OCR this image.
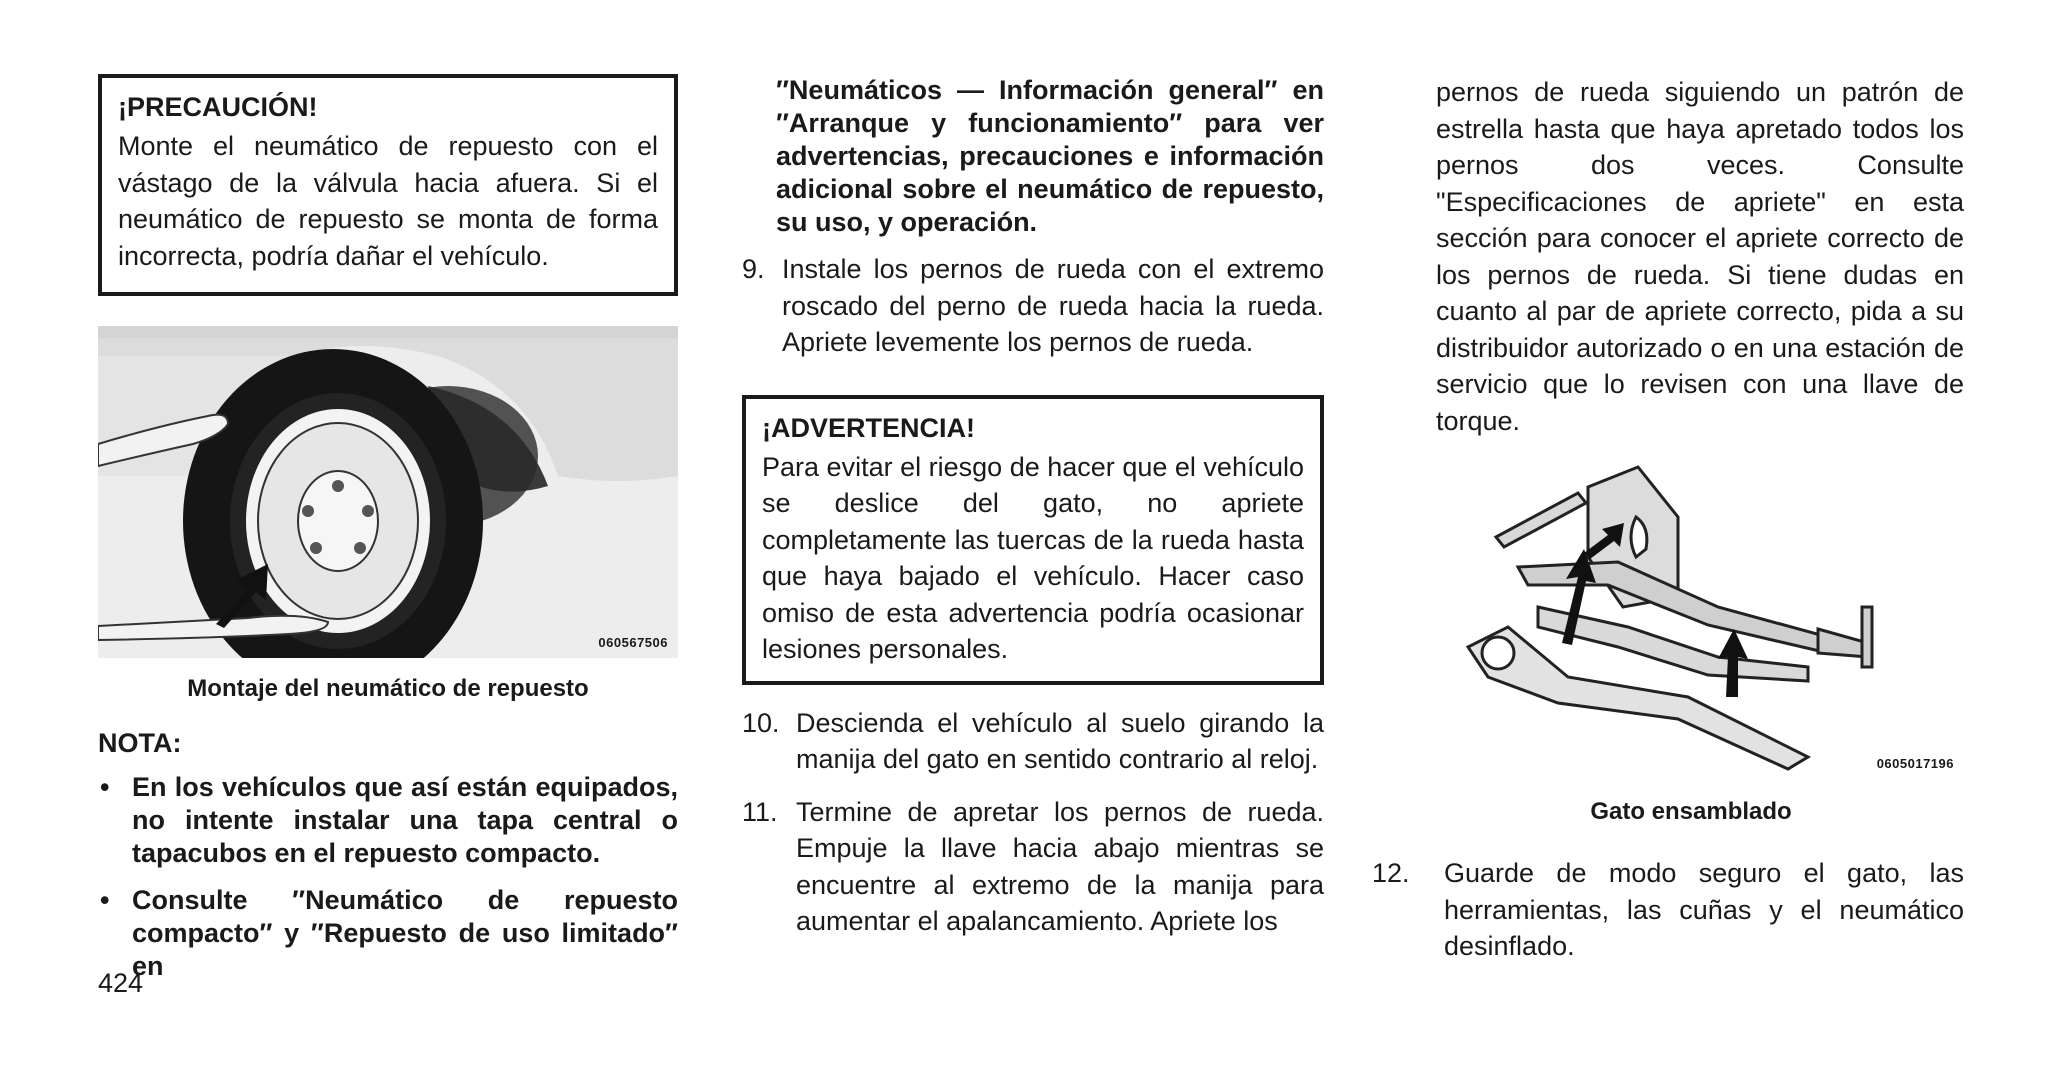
¡PRECAUCIÓN!
Monte el neumático de repuesto con el vástago de la válvula hacia afuera. Si el neumático de repuesto se monta de forma incorrecta, podría dañar el vehículo.
060567506
Montaje del neumático de repuesto
NOTA:
• En los vehículos que así están equipados, no intente instalar una tapa central o tapacubos en el repuesto compacto.
• Consulte ″Neumático de repuesto compacto″ y ″Repuesto de uso limitado″ en
424
″Neumáticos — Información general″ en ″Arranque y funcionamiento″ para ver advertencias, precauciones e información adicional sobre el neumático de repuesto, su uso, y operación.
9. Instale los pernos de rueda con el extremo roscado del perno de rueda hacia la rueda. Apriete levemente los pernos de rueda.
¡ADVERTENCIA!
Para evitar el riesgo de hacer que el vehículo se deslice del gato, no apriete completamente las tuercas de la rueda hasta que haya bajado el vehículo. Hacer caso omiso de esta advertencia podría ocasionar lesiones personales.
10. Descienda el vehículo al suelo girando la manija del gato en sentido contrario al reloj.
11. Termine de apretar los pernos de rueda. Empuje la llave hacia abajo mientras se encuentre al extremo de la manija para aumentar el apalancamiento. Apriete los
pernos de rueda siguiendo un patrón de estrella hasta que haya apretado todos los pernos dos veces. Consulte "Especificaciones de apriete" en esta sección para conocer el apriete correcto de los pernos de rueda. Si tiene dudas en cuanto al par de apriete correcto, pida a su distribuidor autorizado o en una estación de servicio que lo revisen con una llave de torque.
0605017196
Gato ensamblado
12. Guarde de modo seguro el gato, las herramientas, las cuñas y el neumático desinflado.
